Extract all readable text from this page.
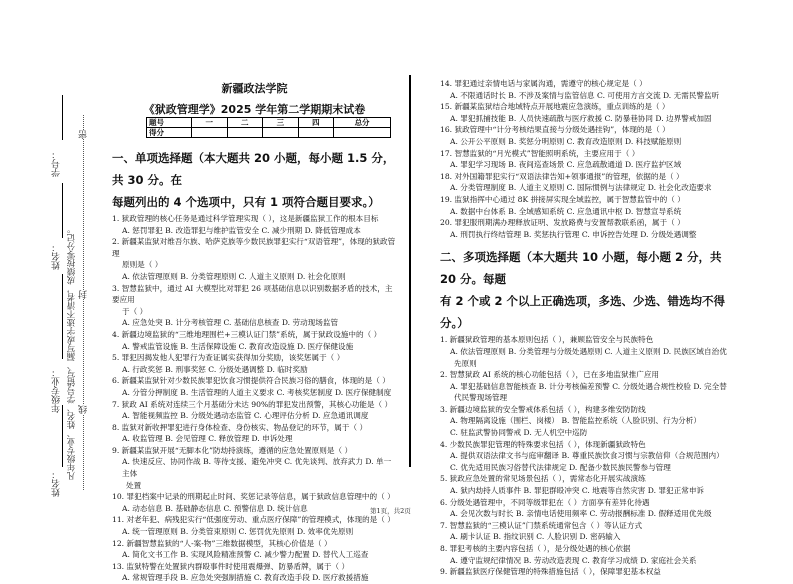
学号：
姓名：
年级专业：
姓名：
凡年级专业、姓名、学号错写、漏写或字迹不清者，成绩按零分记。
密
封
线
新疆政法学院
《狱政管理学》2025 学年第二学期期末试卷
题号	一	二	三	四	总分
得分					
一、单项选择题（本大题共 20 小题，每小题 1.5 分，共 30 分。在
每题列出的 4 个选项中，只有 1 项符合题目要求。）

1. 狱政管理的核心任务是通过科学管理实现（ ），这是新疆监狱工作的根本目标

A. 惩罚罪犯 B. 改造罪犯与维护监管安全 C. 减少刑期 D. 降低管理成本

2. 新疆某监狱对维吾尔族、哈萨克族等少数民族罪犯实行“双语管理”，体现的狱政管理

原则是（ ）

A. 依法管理原则 B. 分类管理原则 C. 人道主义原则 D. 社会化原则

3. 智慧监狱中，通过 AI 大模型比对罪犯 26 项基础信息以识别数据矛盾的技术，主要应用

于（ ）

A. 应急处突 B. 计分考核管理 C. 基础信息核查 D. 劳动现场监管

4. 新疆边境监狱的“三维地理围栏+三模认证门禁”系统，属于狱政设施中的（ ）

A. 警戒监管设施 B. 生活保障设施 C. 教育改造设施 D. 医疗保健设施

5. 罪犯因揭发他人犯罪行为查证属实获得加分奖励，该奖惩属于（ ）

A. 行政奖惩 B. 刑事奖惩 C. 分级处遇调整 D. 临时奖励

6. 新疆某监狱针对少数民族罪犯饮食习惯提供符合民族习俗的膳食，体现的是（ ）

A. 分管分押制度 B. 生活管理的人道主义要求 C. 考核奖惩制度 D. 医疗保健制度

7. 狱政 AI 系统对连续三个月基础分未达 90%的罪犯发出预警，其核心功能是（ ）

A. 智能视频监控 B. 分级处遇动态监管 C. 心理评估分析 D. 应急通讯调度

8. 监狱对新收押罪犯进行身体检查、身份核实、物品登记的环节，属于（ ）

A. 收监管理 B. 会见管理 C. 释放管理 D. 申诉处理

9. 新疆某监狱开展“无脚本化”防劫持演练，遵循的应急处置原则是（ ）

A. 快速反应、协同作战 B. 等待支援、避免冲突 C. 优先谈判、放弃武力 D. 单一主体

处置

10. 罪犯档案中记录的刑期起止时间、奖惩记录等信息，属于狱政信息管理中的（ ）

A. 动态信息 B. 基础静态信息 C. 预警信息 D. 统计信息

11. 对老年犯、病残犯实行“低强度劳动、重点医疗保障”的管理模式，体现的是（ ）

A. 统一管理原则 B. 分类管束原则 C. 惩罚优先原则 D. 效率优先原则

12. 新疆智慧监狱的“人-案-物”三维数据模型，其核心价值是（ ）

A. 简化文书工作 B. 实现风险精准预警 C. 减少警力配置 D. 替代人工巡查

13. 监狱特警在处置狱内群殴事件时使用震爆弹、防暴盾牌，属于（ ）

A. 常规管理手段 B. 应急处突强制措施 C. 教育改造手段 D. 医疗救援措施

14. 罪犯通过亲情电话与家属沟通，需遵守的核心规定是（ ）

A. 不限通话时长 B. 不涉及案情与监管信息 C. 可使用方言交流 D. 无需民警监听

15. 新疆某监狱结合地域特点开展地震应急演练，重点训练的是（ ）

A. 罪犯抓捕技能 B. 人员快速疏散与医疗救援 C. 防暴巷协同 D. 边界警戒加固

16. 狱政管理中“计分考核结果直接与分级处遇挂钩”，体现的是（ ）

A. 公开公平原则 B. 奖惩分明原则 C. 教育改造原则 D. 科技赋能原则

17. 智慧监狱的“月光模式”智能照明系统，主要应用于（ ）

A. 罪犯学习现场 B. 夜间巡查场景 C. 应急疏散通道 D. 医疗监护区域

18. 对外国籍罪犯实行“双语法律告知+领事通报”的管理，依据的是（ ）

A. 分类管理制度 B. 人道主义原则 C. 国际惯例与法律规定 D. 社会化改造要求

19. 监狱指挥中心通过 8K 拼接屏实现全域监控，属于智慧监管中的（ ）

A. 数据中台体系 B. 全域感知系统 C. 应急通讯中枢 D. 智慧宣导系统

20. 罪犯服刑期满办理释放证明、发放路费与安置帮教联系函，属于（ ）

A. 刑罚执行终结管理 B. 奖惩执行管理 C. 申诉控告处理 D. 分级处遇调整

二、多项选择题（本大题共 10 小题，每小题 2 分，共 20 分。每题
有 2 个或 2 个以上正确选项，多选、少选、错选均不得分。）

1. 新疆狱政管理的基本原则包括（ ），兼顾监管安全与民族特色

A. 依法管理原则 B. 分类管理与分级处遇原则 C. 人道主义原则 D. 民族区域自治优

先原则

2. 智慧狱政 AI 系统的核心功能包括（ ），已在多地监狱推广应用

A. 罪犯基础信息智能核查 B. 计分考核偏差预警 C. 分级处遇合规性校验 D. 完全替

代民警现场管理

3. 新疆边境监狱的安全警戒体系包括（ ），构建多维安防防线

A. 物理隔离设施（围栏、岗楼） B. 智能监控系统（人脸识别、行为分析）

C. 驻监武警协同警戒 D. 无人机空中巡防

4. 少数民族罪犯管理的特殊要求包括（ ），体现新疆狱政特色

A. 提供双语法律文书与庭审翻译 B. 尊重民族饮食习惯与宗教信仰（合规范围内）

C. 优先适用民族习俗替代法律规定 D. 配备少数民族民警参与管理

5. 狱政应急处置的常见场景包括（ ），需常态化开展实战演练

A. 狱内劫持人质事件 B. 罪犯群殴冲突 C. 地震等自然灾害 D. 罪犯正常申诉

6. 分级处遇管理中，不同等级罪犯在（ ）方面享有差异化待遇

A. 会见次数与时长 B. 亲情电话使用频率 C. 劳动报酬标准 D. 假释适用优先级

7. 智慧监狱的“三模认证”门禁系统通常包含（ ）等认证方式

A. 刷卡认证 B. 指纹识别 C. 人脸识别 D. 密码输入

8. 罪犯考核的主要内容包括（ ），是分级处遇的核心依据

A. 遵守监规纪律情况 B. 劳动改造表现 C. 教育学习成绩 D. 家庭社会关系

9. 新疆监狱医疗保健管理的特殊措施包括（ ），保障罪犯基本权益

第1页，共2页
